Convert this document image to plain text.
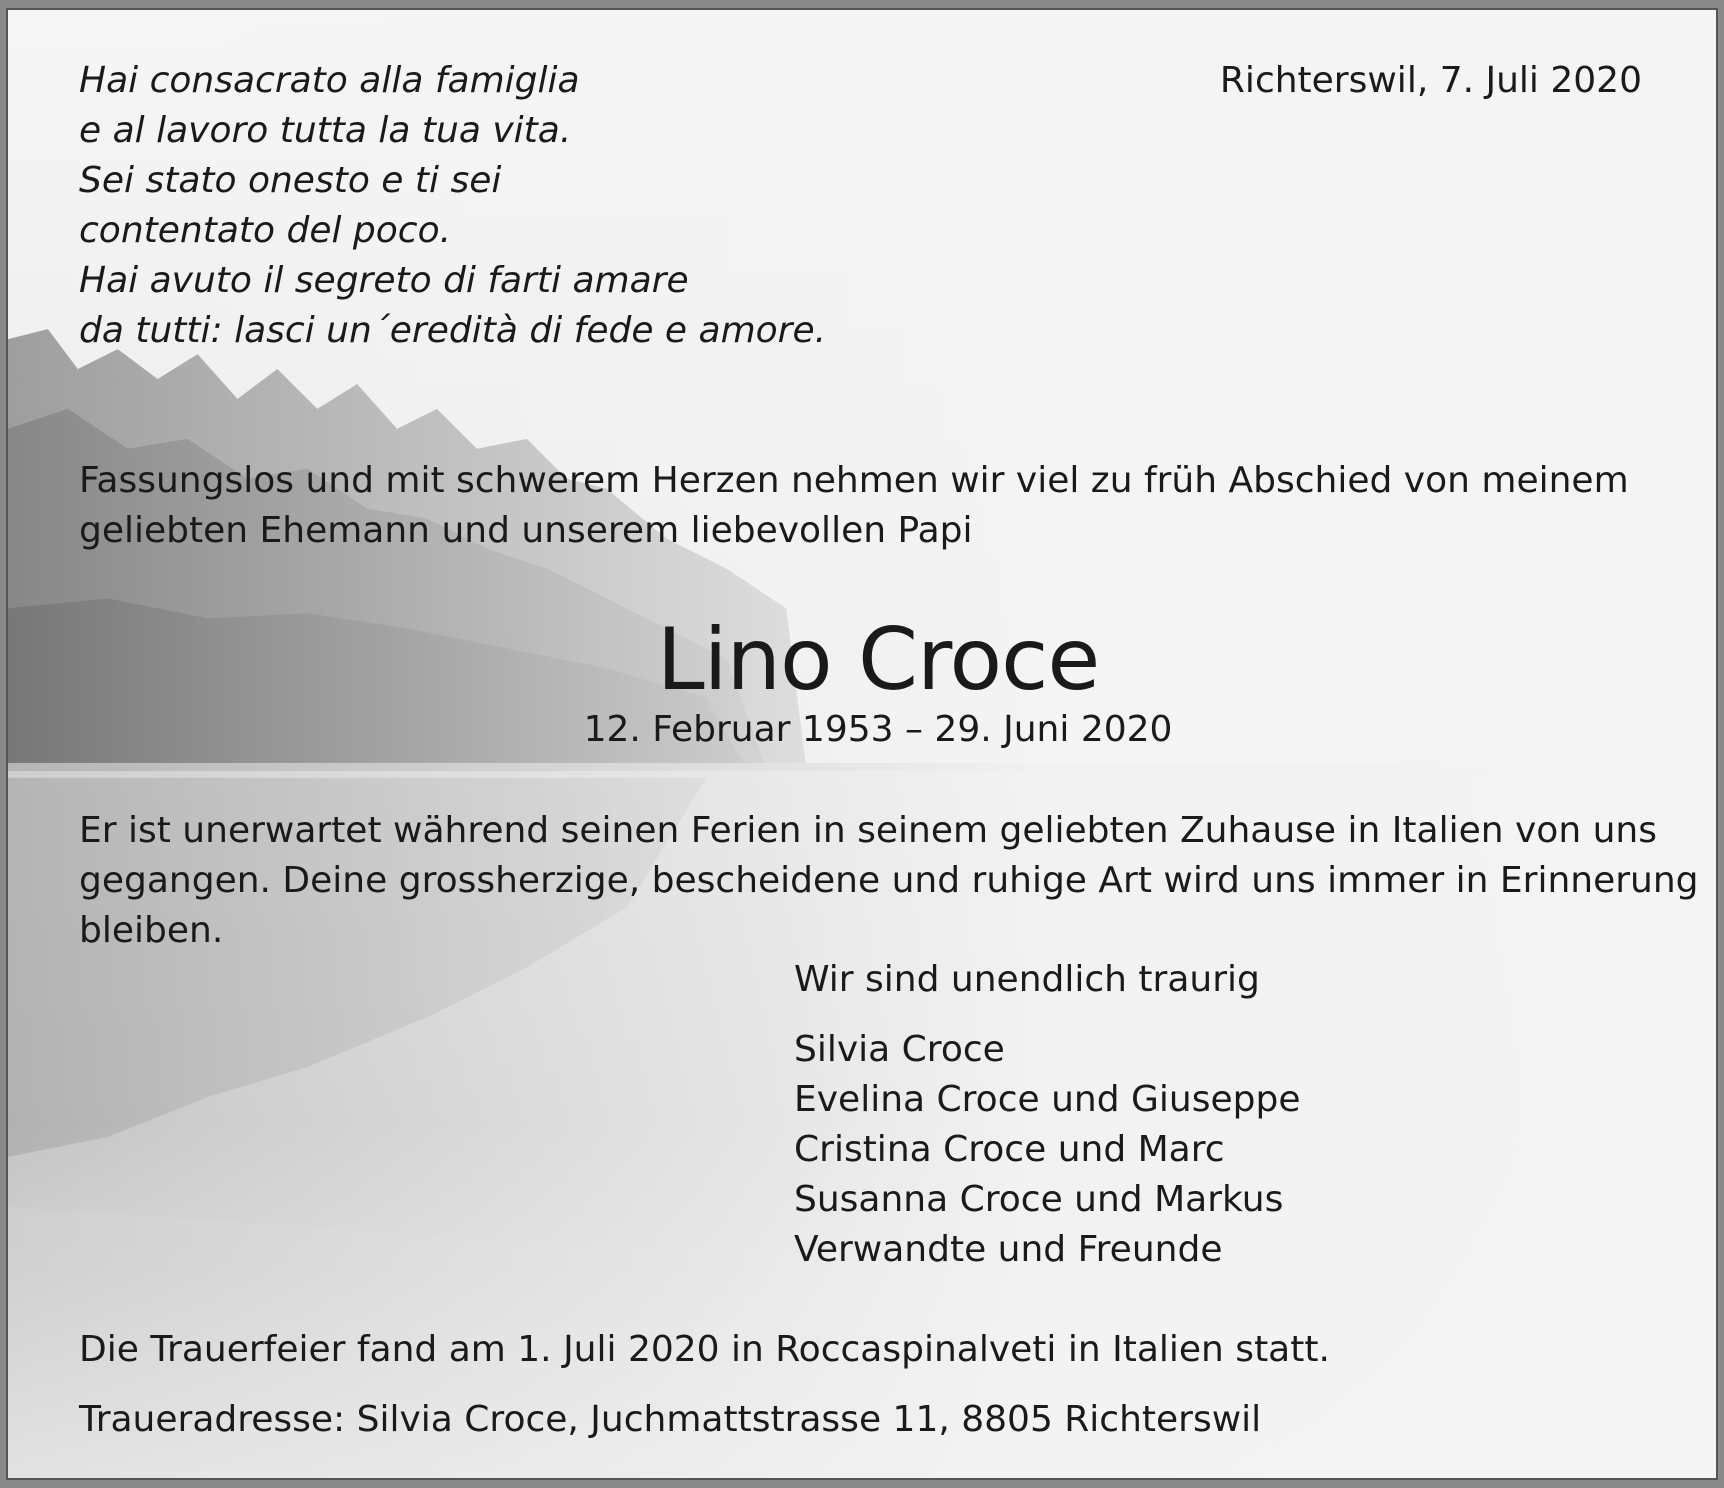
Hai consacrato alla famiglia
e al lavoro tutta la tua vita.
Sei stato onesto e ti sei
contentato del poco.
Hai avuto il segreto di farti amare
da tutti: lasci un´eredità di fede e amore.
Richterswil, 7. Juli 2020
Fassungslos und mit schwerem Herzen nehmen wir viel zu früh Abschied von meinem
geliebten Ehemann und unserem liebevollen Papi
Lino Croce
12. Februar 1953 – 29. Juni 2020
Er ist unerwartet während seinen Ferien in seinem geliebten Zuhause in Italien von uns
gegangen. Deine grossherzige, bescheidene und ruhige Art wird uns immer in Erinnerung
bleiben.
Wir sind unendlich traurig
Silvia Croce
Evelina Croce und Giuseppe
Cristina Croce und Marc
Susanna Croce und Markus
Verwandte und Freunde
Die Trauerfeier fand am 1. Juli 2020 in Roccaspinalveti in Italien statt.
Traueradresse: Silvia Croce, Juchmattstrasse 11, 8805 Richterswil
